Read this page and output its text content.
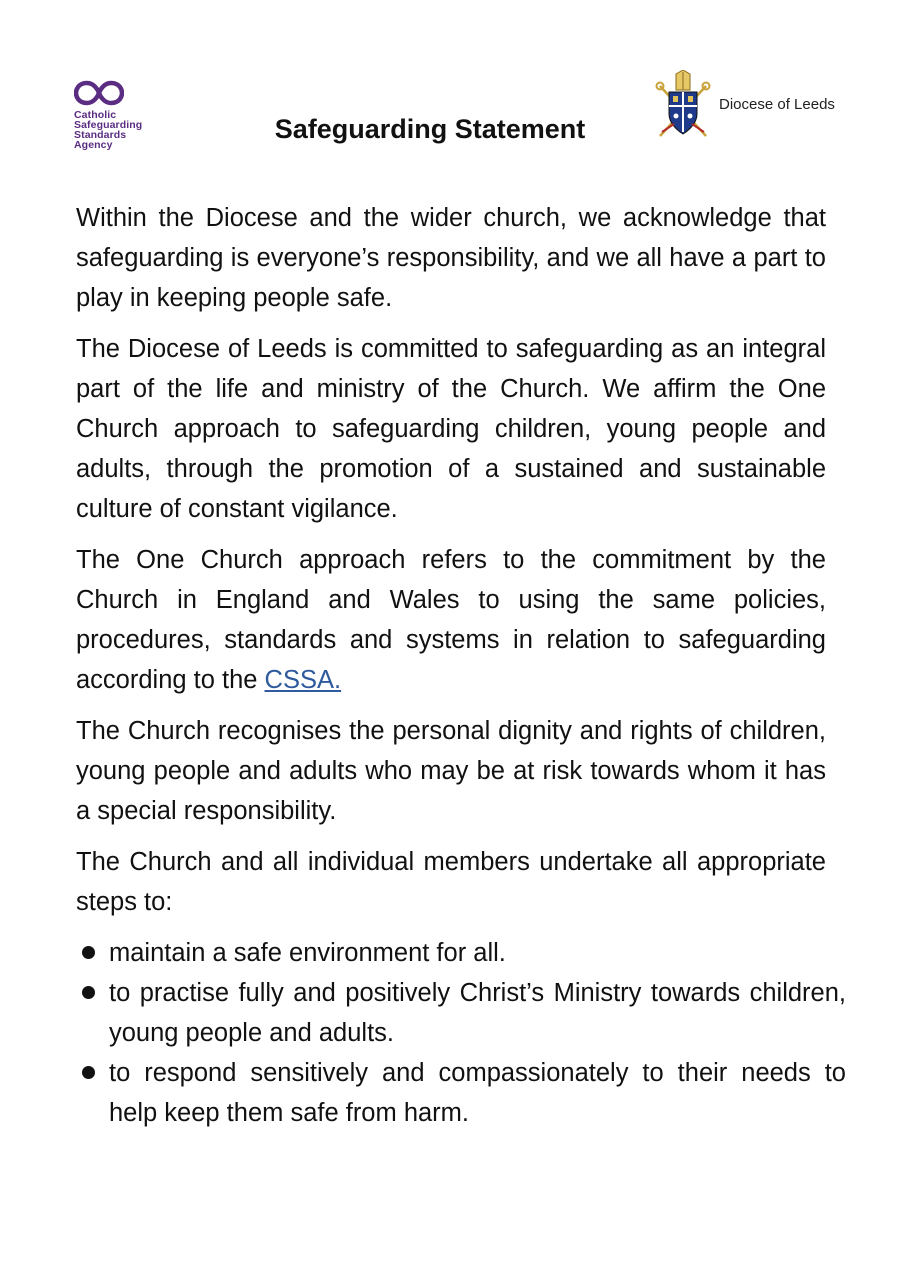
Catholic
Safeguarding
Standards
Agency
Safeguarding Statement
Diocese of Leeds

Within the Diocese and the wider church, we acknowledge that safeguarding is everyone’s responsibility, and we all have a part to play in keeping people safe.

The Diocese of Leeds is committed to safeguarding as an integral part of the life and ministry of the Church. We affirm the One Church approach to safeguarding children, young people and adults, through the promotion of a sustained and sustainable culture of constant vigilance.

The One Church approach refers to the commitment by the Church in England and Wales to using the same policies, procedures, standards and systems in relation to safeguarding according to the CSSA.

The Church recognises the personal dignity and rights of children, young people and adults who may be at risk towards whom it has a special responsibility.

The Church and all individual members undertake all appropriate steps to:

maintain a safe environment for all.
to practise fully and positively Christ’s Ministry towards children, young people and adults.
to respond sensitively and compassionately to their needs to help keep them safe from harm.
